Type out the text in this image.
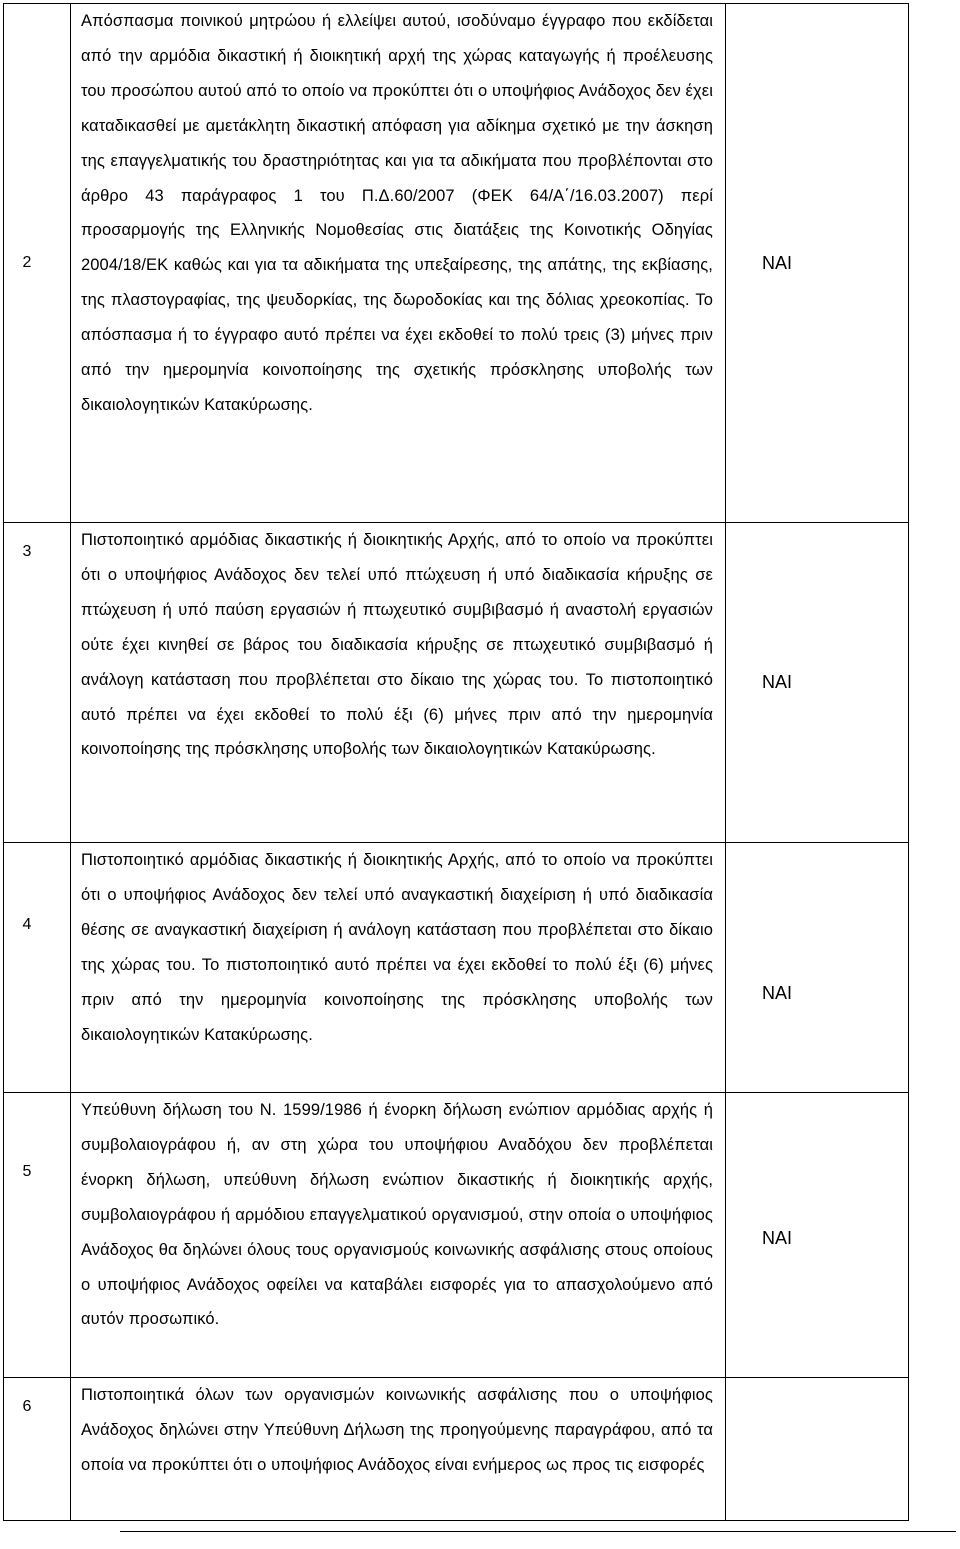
2	Απόσπασμα ποινικού μητρώου ή ελλείψει αυτού, ισοδύναμο έγγραφο που εκδίδεται από την αρμόδια δικαστική ή διοικητική αρχή της χώρας καταγωγής ή προέλευσης του προσώπου αυτού από το οποίο να προκύπτει ότι ο υποψήφιος Ανάδοχος δεν έχει καταδικασθεί με αμετάκλητη δικαστική απόφαση για αδίκημα σχετικό με την άσκηση της επαγγελματικής του δραστηριότητας και για τα αδικήματα που προβλέπονται στο άρθρο 43 παράγραφος 1 του Π.Δ.60/2007 (ΦΕΚ 64/Α΄/16.03.2007) περί προσαρμογής της Ελληνικής Νομοθεσίας στις διατάξεις της Κοινοτικής Οδηγίας 2004/18/ΕΚ καθώς και για τα αδικήματα της υπεξαίρεσης, της απάτης, της εκβίασης, της πλαστογραφίας, της ψευδορκίας, της δωροδοκίας και της δόλιας χρεοκοπίας. Το απόσπασμα ή το έγγραφο αυτό πρέπει να έχει εκδοθεί το πολύ τρεις (3) μήνες πριν από την ημερομηνία κοινοποίησης της σχετικής πρόσκλησης υποβολής των δικαιολογητικών Κατακύρωσης.	ΝΑΙ
3	Πιστοποιητικό αρμόδιας δικαστικής ή διοικητικής Αρχής, από το οποίο να προκύπτει ότι ο υποψήφιος Ανάδοχος δεν τελεί υπό πτώχευση ή υπό διαδικασία κήρυξης σε πτώχευση ή υπό παύση εργασιών ή πτωχευτικό συμβιβασμό ή αναστολή εργασιών ούτε έχει κινηθεί σε βάρος του διαδικασία κήρυξης σε πτωχευτικό συμβιβασμό ή ανάλογη κατάσταση που προβλέπεται στο δίκαιο της χώρας του. Το πιστοποιητικό αυτό πρέπει να έχει εκδοθεί το πολύ έξι (6) μήνες πριν από την ημερομηνία κοινοποίησης της πρόσκλησης υποβολής των δικαιολογητικών Κατακύρωσης.	ΝΑΙ
4	Πιστοποιητικό αρμόδιας δικαστικής ή διοικητικής Αρχής, από το οποίο να προκύπτει ότι ο υποψήφιος Ανάδοχος δεν τελεί υπό αναγκαστική διαχείριση ή υπό διαδικασία θέσης σε αναγκαστική διαχείριση ή ανάλογη κατάσταση που προβλέπεται στο δίκαιο της χώρας του. Το πιστοποιητικό αυτό πρέπει να έχει εκδοθεί το πολύ έξι (6) μήνες πριν από την ημερομηνία κοινοποίησης της πρόσκλησης υποβολής των δικαιολογητικών Κατακύρωσης.	ΝΑΙ
5	Υπεύθυνη δήλωση του Ν. 1599/1986 ή ένορκη δήλωση ενώπιον αρμόδιας αρχής ή συμβολαιογράφου ή, αν στη χώρα του υποψήφιου Αναδόχου δεν προβλέπεται ένορκη δήλωση, υπεύθυνη δήλωση ενώπιον δικαστικής ή διοικητικής αρχής, συμβολαιογράφου ή αρμόδιου επαγγελματικού οργανισμού, στην οποία ο υποψήφιος Ανάδοχος θα δηλώνει όλους τους οργανισμούς κοινωνικής ασφάλισης στους οποίους ο υποψήφιος Ανάδοχος οφείλει να καταβάλει εισφορές για το απασχολούμενο από αυτόν προσωπικό.	ΝΑΙ
6	Πιστοποιητικά όλων των οργανισμών κοινωνικής ασφάλισης που ο υποψήφιος Ανάδοχος δηλώνει στην Υπεύθυνη Δήλωση της προηγούμενης παραγράφου, από τα οποία να προκύπτει ότι ο υποψήφιος Ανάδοχος είναι ενήμερος ως προς τις εισφορές	
